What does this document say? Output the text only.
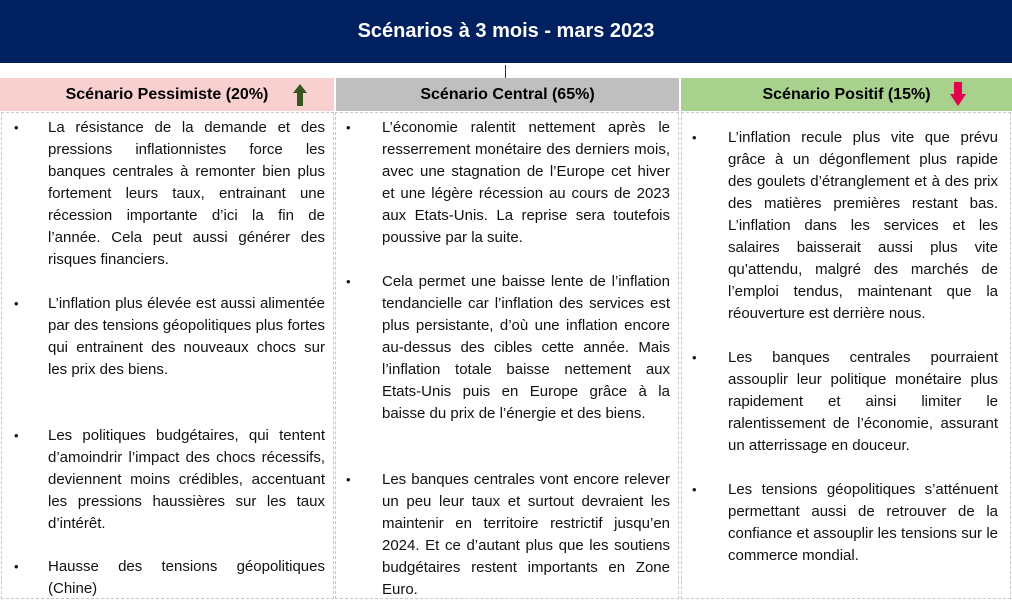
Scénarios à 3 mois - mars 2023
Scénario Pessimiste (20%)	Scénario Central (65%)	Scénario Positif (15%)
• La résistance de la demande et des pressions inflationnistes force les banques centrales à remonter bien plus fortement leurs taux, entrainant une récession importante d’ici la fin de l’année. Cela peut aussi générer des risques financiers.
• L’inflation plus élevée est aussi alimentée par des tensions géopolitiques plus fortes qui entrainent des nouveaux chocs sur les prix des biens.
• Les politiques budgétaires, qui tentent d’amoindrir l’impact des chocs récessifs, deviennent moins crédibles, accentuant les pressions haussières sur les taux d’intérêt.
• Hausse des tensions géopolitiques (Chine)
• L’économie ralentit nettement après le resserrement monétaire des derniers mois, avec une stagnation de l’Europe cet hiver et une légère récession au cours de 2023 aux Etats-Unis. La reprise sera toutefois poussive par la suite.
• Cela permet une baisse lente de l’inflation tendancielle car l’inflation des services est plus persistante, d’où une inflation encore au-dessus des cibles cette année. Mais l’inflation totale baisse nettement aux Etats-Unis puis en Europe grâce à la baisse du prix de l’énergie et des biens.
• Les banques centrales vont encore relever un peu leur taux et surtout devraient les maintenir en territoire restrictif jusqu’en 2024. Et ce d’autant plus que les soutiens budgétaires restent importants en Zone Euro.
• L’inflation recule plus vite que prévu grâce à un dégonflement plus rapide des goulets d’étranglement et à des prix des matières premières restant bas. L’inflation dans les services et les salaires baisserait aussi plus vite qu’attendu, malgré des marchés de l’emploi tendus, maintenant que la réouverture est derrière nous.
• Les banques centrales pourraient assouplir leur politique monétaire plus rapidement et ainsi limiter le ralentissement de l’économie, assurant un atterrissage en douceur.
• Les tensions géopolitiques s’atténuent permettant aussi de retrouver de la confiance et assouplir les tensions sur le commerce mondial.
